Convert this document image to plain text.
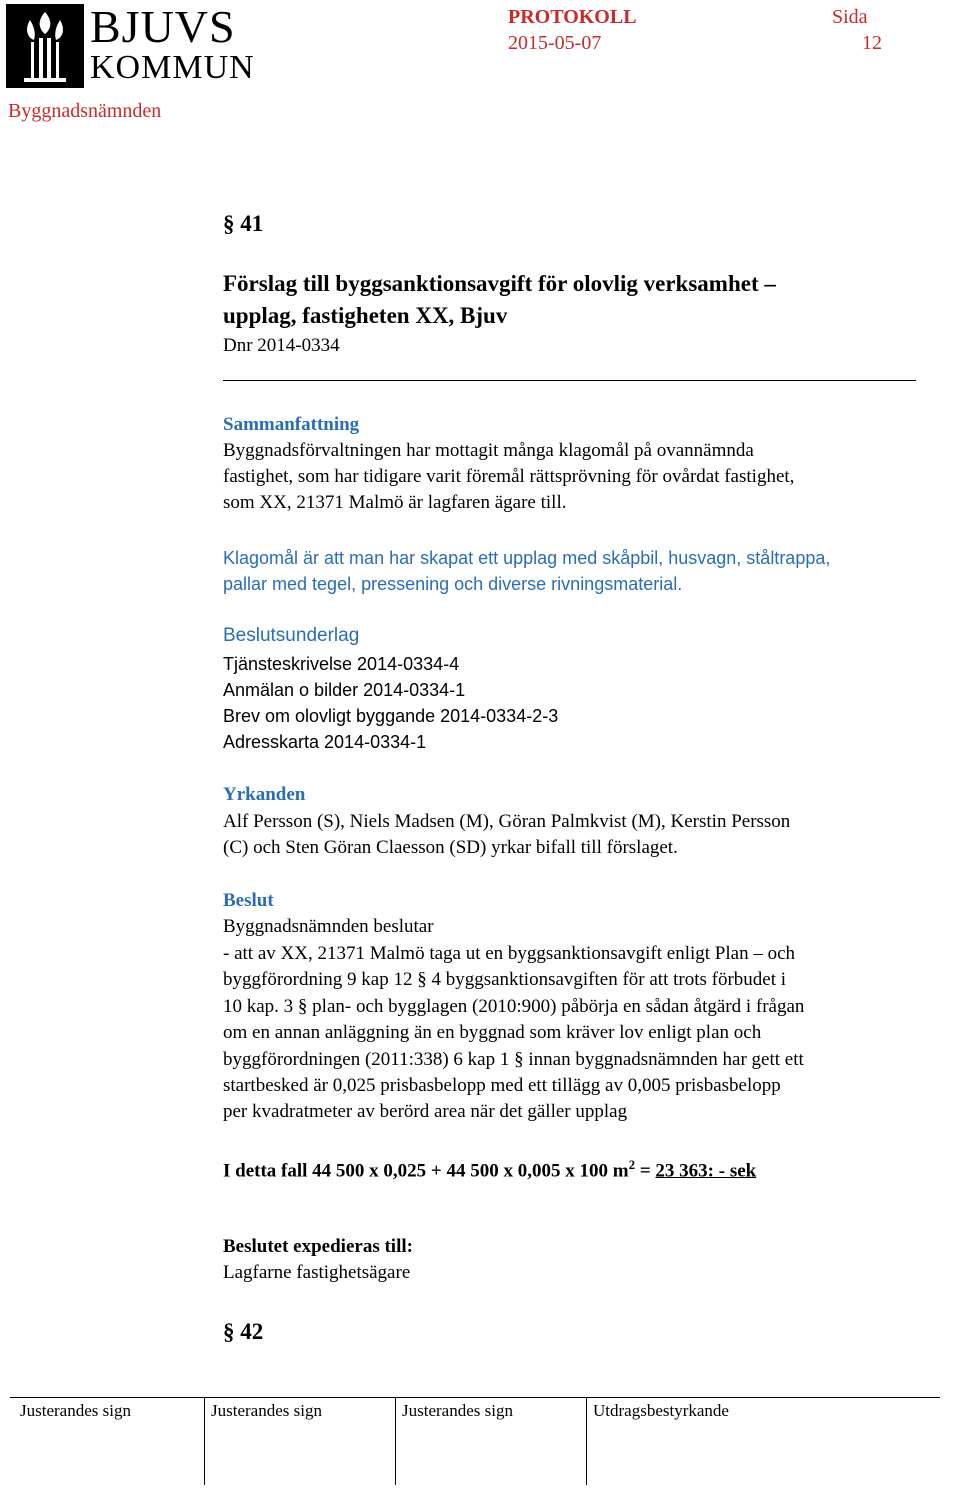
BJUVS
KOMMUN
PROTOKOLL
2015-05-07
Sida
12
Byggnadsnämnden
§ 41
Förslag till byggsanktionsavgift för olovlig verksamhet –
upplag, fastigheten XX, Bjuv
Dnr 2014-0334
Sammanfattning
Byggnadsförvaltningen har mottagit många klagomål på ovannämnda
fastighet, som har tidigare varit föremål rättsprövning för ovårdat fastighet,
som XX, 21371 Malmö är lagfaren ägare till.
Klagomål är att man har skapat ett upplag med skåpbil, husvagn, ståltrappa,
pallar med tegel, pressening och diverse rivningsmaterial.
Beslutsunderlag
Tjänsteskrivelse 2014-0334-4
Anmälan o bilder 2014-0334-1
Brev om olovligt byggande 2014-0334-2-3
Adresskarta 2014-0334-1
Yrkanden
Alf Persson (S), Niels Madsen (M), Göran Palmkvist (M), Kerstin Persson
(C) och Sten Göran Claesson (SD) yrkar bifall till förslaget.
Beslut
Byggnadsnämnden beslutar
- att av XX, 21371 Malmö taga ut en byggsanktionsavgift enligt Plan – och
byggförordning 9 kap 12 § 4 byggsanktionsavgiften för att trots förbudet i
10 kap. 3 § plan- och bygglagen (2010:900) påbörja en sådan åtgärd i frågan
om en annan anläggning än en byggnad som kräver lov enligt plan och
byggförordningen (2011:338) 6 kap 1 § innan byggnadsnämnden har gett ett
startbesked är 0,025 prisbasbelopp med ett tillägg av 0,005 prisbasbelopp
per kvadratmeter av berörd area när det gäller upplag
I detta fall 44 500 x 0,025 + 44 500 x 0,005 x 100 $m^2 = 23$ 363: - sek
Beslutet expedieras till:
Lagfarne fastighetsägare
§ 42
Justerandes sign	Justerandes sign	Justerandes sign	Utdragsbestyrkande
